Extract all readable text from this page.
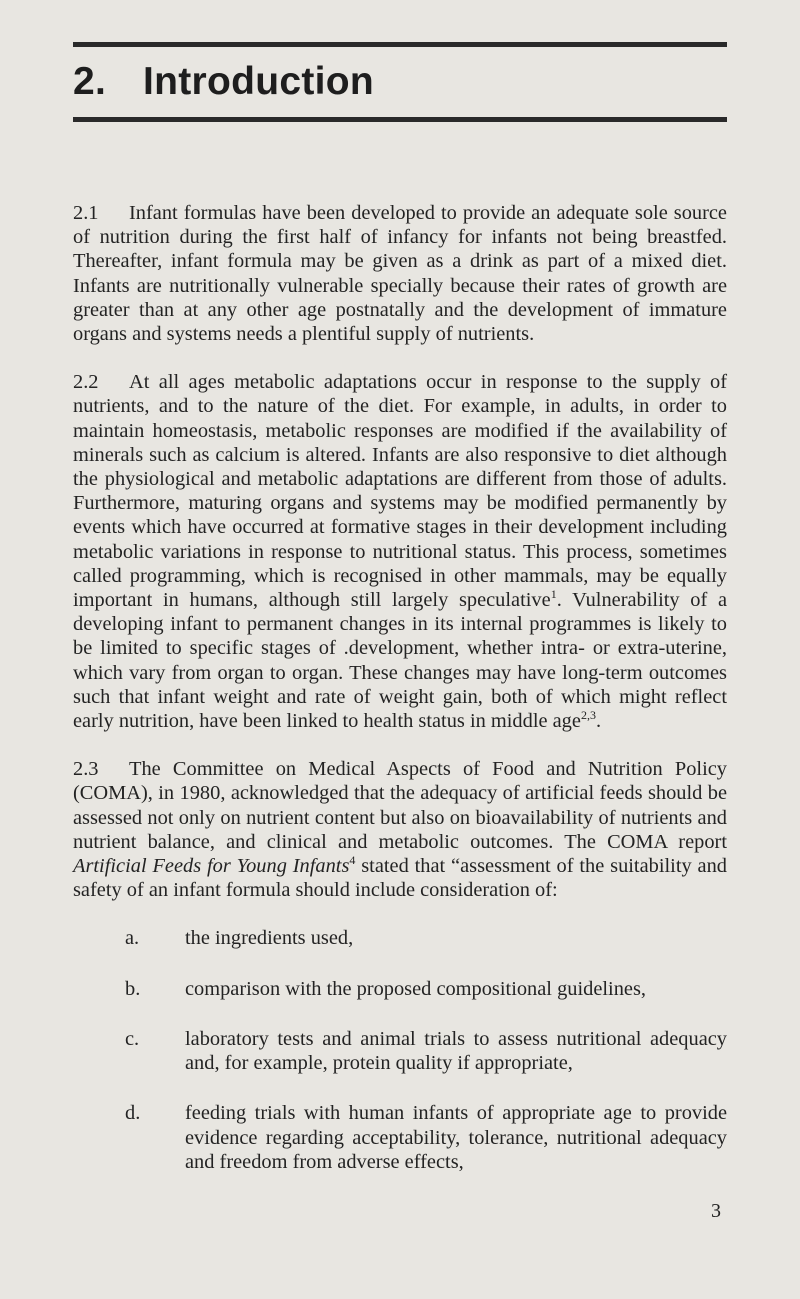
2. Introduction

2.1 Infant formulas have been developed to provide an adequate sole source of nutrition during the first half of infancy for infants not being breastfed. Thereafter, infant formula may be given as a drink as part of a mixed diet. Infants are nutritionally vulnerable specially because their rates of growth are greater than at any other age postnatally and the development of immature organs and systems needs a plentiful supply of nutrients.

2.2 At all ages metabolic adaptations occur in response to the supply of nutrients, and to the nature of the diet. For example, in adults, in order to maintain homeostasis, metabolic responses are modified if the availability of minerals such as calcium is altered. Infants are also responsive to diet although the physiological and metabolic adaptations are different from those of adults. Furthermore, maturing organs and systems may be modified permanently by events which have occurred at formative stages in their development including metabolic variations in response to nutritional status. This process, sometimes called programming, which is recognised in other mammals, may be equally important in humans, although still largely speculative$^1$. Vulnerability of a developing infant to permanent changes in its internal programmes is likely to be limited to specific stages of .development, whether intra- or extra-uterine, which vary from organ to organ. These changes may have long-term outcomes such that infant weight and rate of weight gain, both of which might reflect early nutrition, have been linked to health status in middle age$^{2,3}$.

2.3 The Committee on Medical Aspects of Food and Nutrition Policy (COMA), in 1980, acknowledged that the adequacy of artificial feeds should be assessed not only on nutrient content but also on bioavailability of nutrients and nutrient balance, and clinical and metabolic outcomes. The COMA report Artificial Feeds for Young Infants$^4$ stated that “assessment of the suitability and safety of an infant formula should include consideration of:

a.	the ingredients used,
b.	comparison with the proposed compositional guidelines,
c.	laboratory tests and animal trials to assess nutritional adequacy and, for example, protein quality if appropriate,
d.	feeding trials with human infants of appropriate age to provide evidence regarding acceptability, tolerance, nutritional adequacy and freedom from adverse effects,
3
